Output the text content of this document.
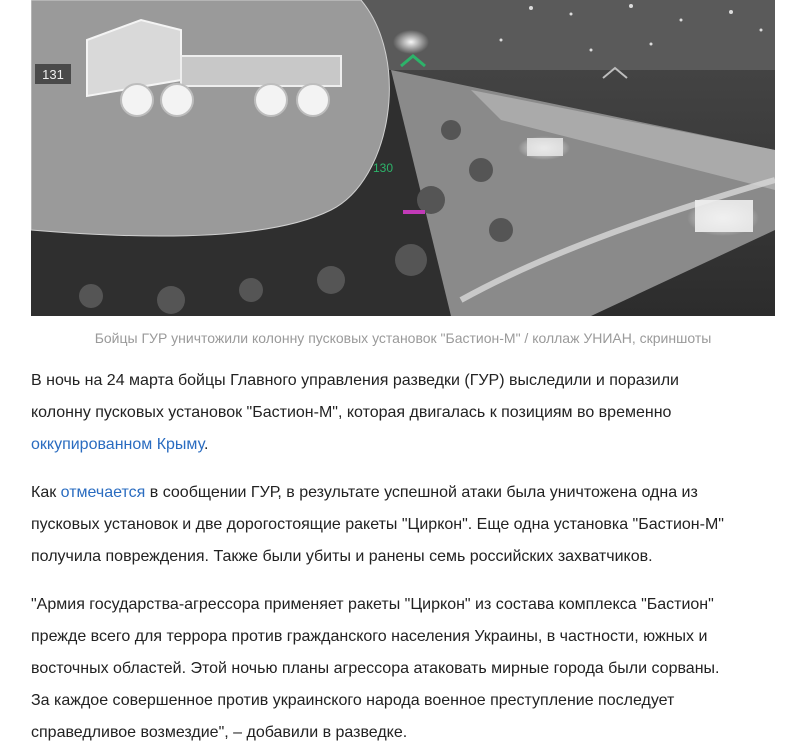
130
131
Бойцы ГУР уничтожили колонну пусковых установок "Бастион-М" / коллаж УНИАН, скриншоты

В ночь на 24 марта бойцы Главного управления разведки (ГУР) выследили и поразили
колонну пусковых установок "Бастион-М", которая двигалась к позициям во временно
оккупированном Крыму.

Как отмечается в сообщении ГУР, в результате успешной атаки была уничтожена одна из
пусковых установок и две дорогостоящие ракеты "Циркон". Еще одна установка "Бастион-М"
получила повреждения. Также были убиты и ранены семь российских захватчиков.

"Армия государства-агрессора применяет ракеты "Циркон" из состава комплекса "Бастион"
прежде всего для террора против гражданского населения Украины, в частности, южных и
восточных областей. Этой ночью планы агрессора атаковать мирные города были сорваны.
За каждое совершенное против украинского народа военное преступление последует
справедливое возмездие", – добавили в разведке.
